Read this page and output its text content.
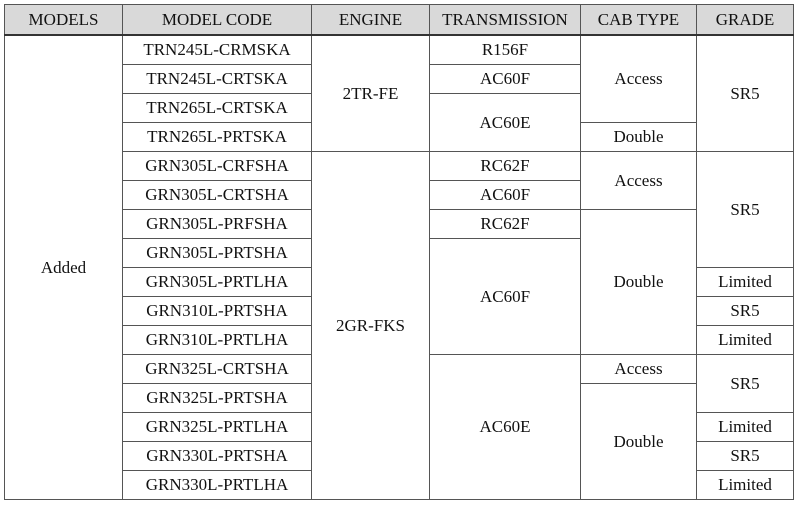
MODELS	MODEL CODE	ENGINE	TRANSMISSION	CAB TYPE	GRADE
Added	TRN245L-CRMSKA	2TR-FE	R156F	Access	SR5
	TRN245L-CRTSKA		AC60F		
	TRN265L-CRTSKA		AC60E		
	TRN265L-PRTSKA			Double	
	GRN305L-CRFSHA	2GR-FKS	RC62F	Access	SR5
	GRN305L-CRTSHA		AC60F		
	GRN305L-PRFSHA		RC62F	Double	
	GRN305L-PRTSHA		AC60F		
	GRN305L-PRTLHA				Limited
	GRN310L-PRTSHA				SR5
	GRN310L-PRTLHA				Limited
	GRN325L-CRTSHA		AC60E	Access	SR5
	GRN325L-PRTSHA			Double	
	GRN325L-PRTLHA				Limited
	GRN330L-PRTSHA				SR5
	GRN330L-PRTLHA				Limited
